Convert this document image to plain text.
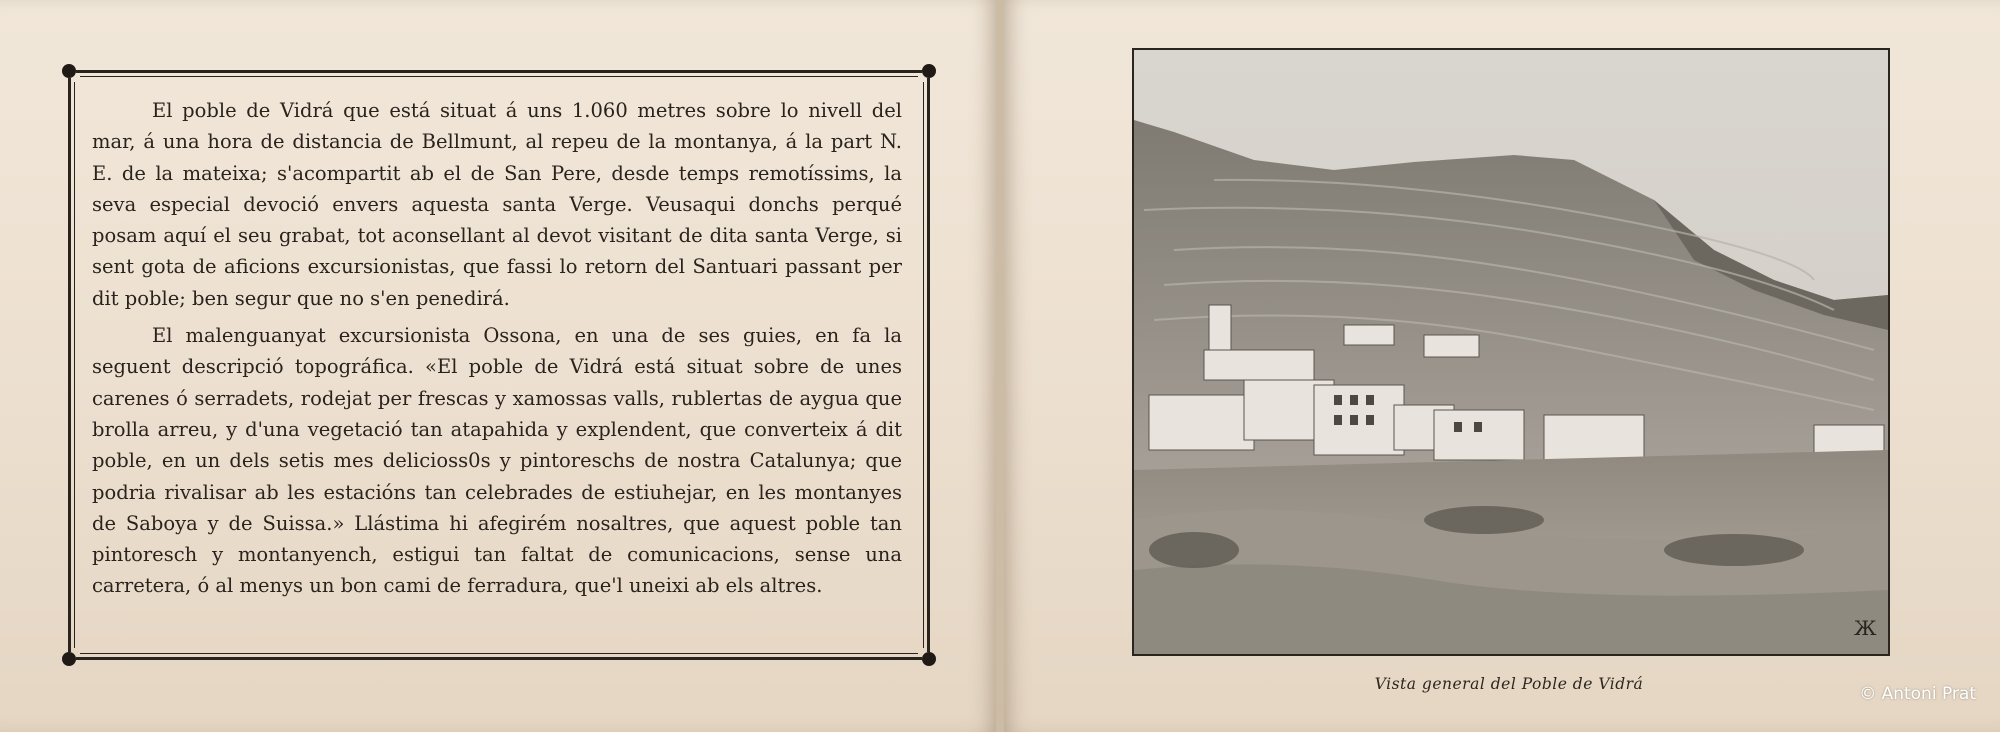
El poble de Vidrá que está situat á uns 1.060 metres sobre lo nivell del mar, á una hora de distancia de Bellmunt, al repeu de la montanya, á la part N. E. de la mateixa; s'acompartit ab el de San Pere, desde temps remotíssims, la seva especial devoció envers aquesta santa Verge. Veusaqui donchs perqué posam aquí el seu grabat, tot aconsellant al devot visitant de dita santa Verge, si sent gota de aficions excursionistas, que fassi lo retorn del Santuari passant per dit poble; ben segur que no s'en penedirá.

El malenguanyat excursionista Ossona, en una de ses guies, en fa la seguent descripció topográfica. «El poble de Vidrá está situat sobre de unes carenes ó serradets, rodejat per frescas y xamossas valls, rublertas de aygua que brolla arreu, y d'una vegetació tan atapahida y explendent, que converteix á dit poble, en un dels setis mes delicioss0s y pintoreschs de nostra Catalunya; que podria rivalisar ab les estacións tan celebrades de estiuhejar, en les montanyes de Saboya y de Suissa.» Llástima hi afegirém nosaltres, que aquest poble tan pintoresch y montanyench, estigui tan faltat de comunicacions, sense una carretera, ó al menys un bon cami de ferradura, que'l uneixi ab els altres.

Ж
Vista general del Poble de Vidrá	© Antoni Prat
